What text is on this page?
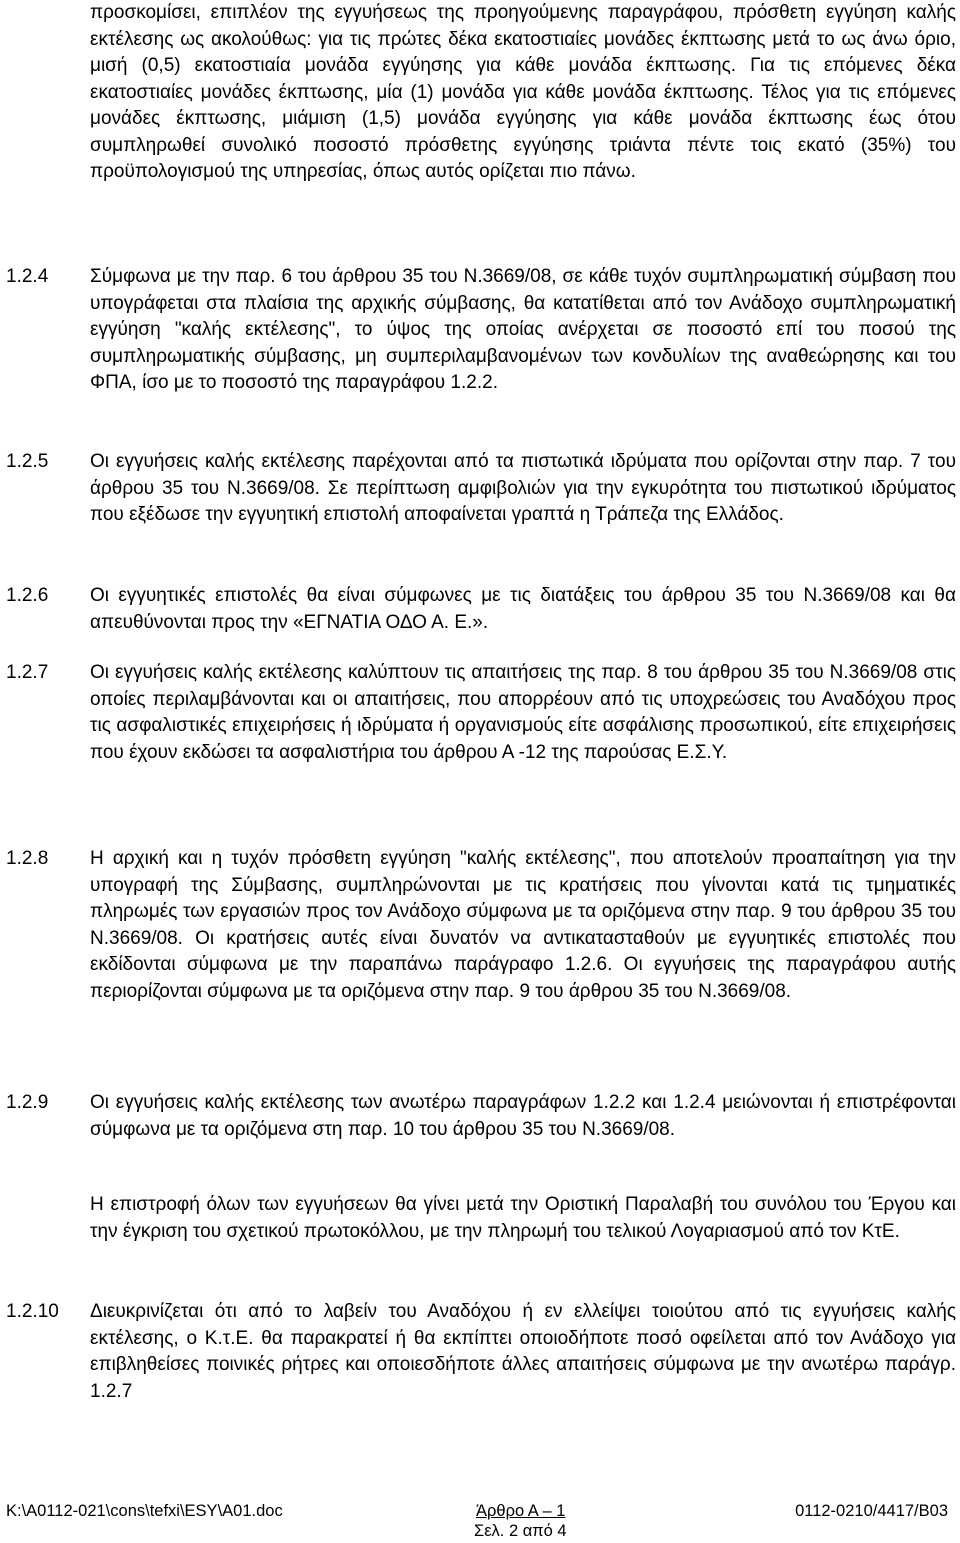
προσκομίσει, επιπλέον της εγγυήσεως της προηγούμενης παραγράφου, πρόσθετη εγγύηση καλής εκτέλεσης ως ακολούθως: για τις πρώτες δέκα εκατοστιαίες μονάδες έκπτωσης μετά το ως άνω όριο, μισή (0,5) εκατοστιαία μονάδα εγγύησης για κάθε μονάδα έκπτωσης. Για τις επόμενες δέκα εκατοστιαίες μονάδες έκπτωσης, μία (1) μονάδα για κάθε μονάδα έκπτωσης. Τέλος για τις επόμενες μονάδες έκπτωσης, μιάμιση (1,5) μονάδα εγγύησης για κάθε μονάδα έκπτωσης έως ότου συμπληρωθεί συνολικό ποσοστό πρόσθετης εγγύησης τριάντα πέντε τοις εκατό (35%) του προϋπολογισμού της υπηρεσίας, όπως αυτός ορίζεται πιο πάνω.
1.2.4 Σύμφωνα με την παρ. 6 του άρθρου 35 του Ν.3669/08, σε κάθε τυχόν συμπληρωματική σύμβαση που υπογράφεται στα πλαίσια της αρχικής σύμβασης, θα κατατίθεται από τον Ανάδοχο συμπληρωματική εγγύηση "καλής εκτέλεσης", το ύψος της οποίας ανέρχεται σε ποσοστό επί του ποσού της συμπληρωματικής σύμβασης, μη συμπεριλαμβανομένων των κονδυλίων της αναθεώρησης και του ΦΠΑ, ίσο με το ποσοστό της παραγράφου 1.2.2.
1.2.5 Οι εγγυήσεις καλής εκτέλεσης παρέχονται από τα πιστωτικά ιδρύματα που ορίζονται στην παρ. 7 του άρθρου 35 του Ν.3669/08. Σε περίπτωση αμφιβολιών για την εγκυρότητα του πιστωτικού ιδρύματος που εξέδωσε την εγγυητική επιστολή αποφαίνεται γραπτά η Τράπεζα της Ελλάδος.
1.2.6 Οι εγγυητικές επιστολές θα είναι σύμφωνες με τις διατάξεις του άρθρου 35 του Ν.3669/08 και θα απευθύνονται προς την «ΕΓΝΑΤΙΑ ΟΔΟ Α. Ε.».
1.2.7 Οι εγγυήσεις καλής εκτέλεσης καλύπτουν τις απαιτήσεις της παρ. 8 του άρθρου 35 του Ν.3669/08 στις οποίες περιλαμβάνονται και οι απαιτήσεις, που απορρέουν από τις υποχρεώσεις του Αναδόχου προς τις ασφαλιστικές επιχειρήσεις ή ιδρύματα ή οργανισμούς είτε ασφάλισης προσωπικού, είτε επιχειρήσεις που έχουν εκδώσει τα ασφαλιστήρια του άρθρου Α -12 της παρούσας Ε.Σ.Υ.
1.2.8 Η αρχική και η τυχόν πρόσθετη εγγύηση "καλής εκτέλεσης", που αποτελούν προαπαίτηση για την υπογραφή της Σύμβασης, συμπληρώνονται με τις κρατήσεις που γίνονται κατά τις τμηματικές πληρωμές των εργασιών προς τον Ανάδοχο σύμφωνα με τα οριζόμενα στην παρ. 9 του άρθρου 35 του Ν.3669/08. Οι κρατήσεις αυτές είναι δυνατόν να αντικατασταθούν με εγγυητικές επιστολές που εκδίδονται σύμφωνα με την παραπάνω παράγραφο 1.2.6. Οι εγγυήσεις της παραγράφου αυτής περιορίζονται σύμφωνα με τα οριζόμενα στην παρ. 9 του άρθρου 35 του Ν.3669/08.
1.2.9 Οι εγγυήσεις καλής εκτέλεσης των ανωτέρω παραγράφων 1.2.2 και 1.2.4 μειώνονται ή επιστρέφονται σύμφωνα με τα οριζόμενα στη παρ. 10 του άρθρου 35 του Ν.3669/08.
Η επιστροφή όλων των εγγυήσεων θα γίνει μετά την Οριστική Παραλαβή του συνόλου του Έργου και την έγκριση του σχετικού πρωτοκόλλου, με την πληρωμή του τελικού Λογαριασμού από τον ΚτΕ.
1.2.10 Διευκρινίζεται ότι από το λαβείν του Αναδόχου ή εν ελλείψει τοιούτου από τις εγγυήσεις καλής εκτέλεσης, ο Κ.τ.Ε. θα παρακρατεί ή θα εκπίπτει οποιοδήποτε ποσό οφείλεται από τον Ανάδοχο για επιβληθείσες ποινικές ρήτρες και οποιεσδήποτε άλλες απαιτήσεις σύμφωνα με την ανωτέρω παράγρ. 1.2.7
K:\A0112-021\cons\tefxi\ESY\A01.doc	Άρθρο Α – 1	0112-0210/4417/B03
Σελ. 2 από 4
